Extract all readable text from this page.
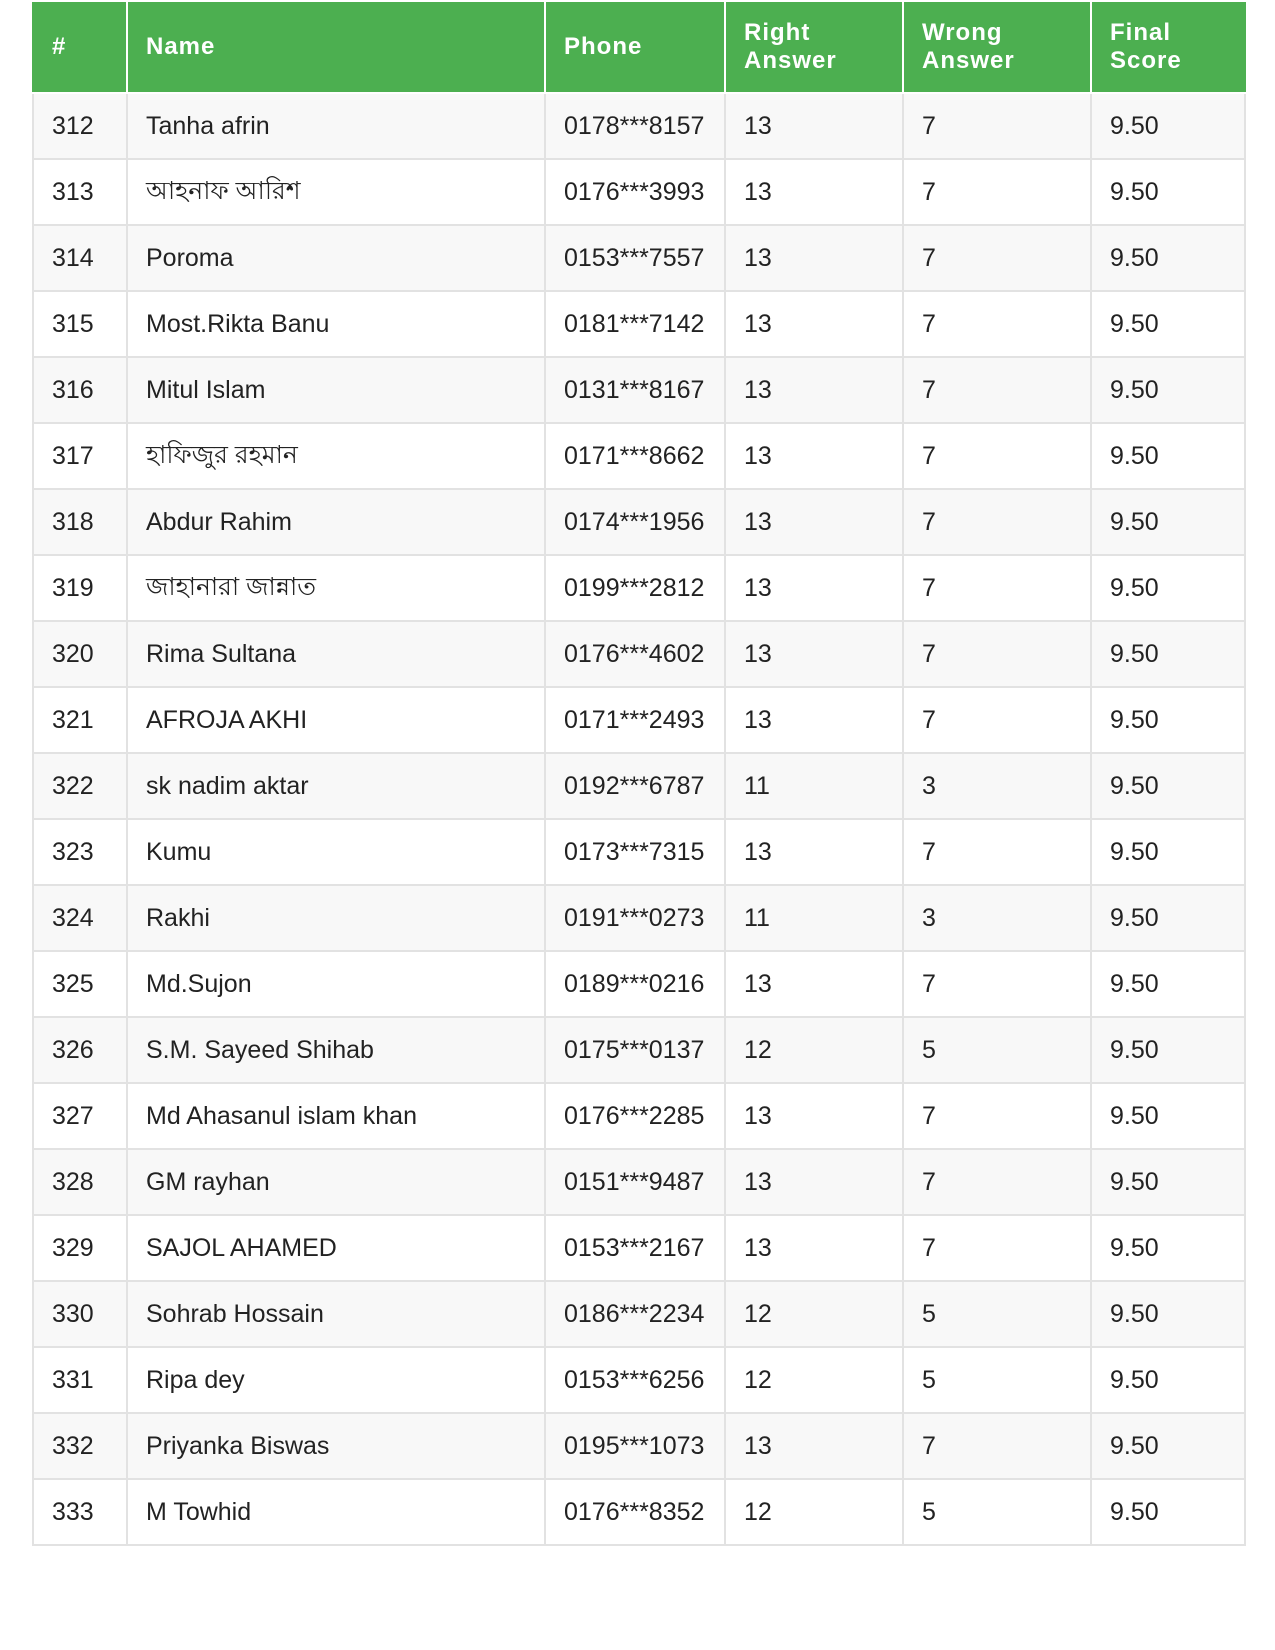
#	Name	Phone	Right Answer	Wrong Answer	Final Score
312	Tanha afrin	0178***8157	13	7	9.50
313	আহনাফ আরিশ	0176***3993	13	7	9.50
314	Poroma	0153***7557	13	7	9.50
315	Most.Rikta Banu	0181***7142	13	7	9.50
316	Mitul Islam	0131***8167	13	7	9.50
317	হাফিজুর রহমান	0171***8662	13	7	9.50
318	Abdur Rahim	0174***1956	13	7	9.50
319	জাহানারা জান্নাত	0199***2812	13	7	9.50
320	Rima Sultana	0176***4602	13	7	9.50
321	AFROJA AKHI	0171***2493	13	7	9.50
322	sk nadim aktar	0192***6787	11	3	9.50
323	Kumu	0173***7315	13	7	9.50
324	Rakhi	0191***0273	11	3	9.50
325	Md.Sujon	0189***0216	13	7	9.50
326	S.M. Sayeed Shihab	0175***0137	12	5	9.50
327	Md Ahasanul islam khan	0176***2285	13	7	9.50
328	GM rayhan	0151***9487	13	7	9.50
329	SAJOL AHAMED	0153***2167	13	7	9.50
330	Sohrab Hossain	0186***2234	12	5	9.50
331	Ripa dey	0153***6256	12	5	9.50
332	Priyanka Biswas	0195***1073	13	7	9.50
333	M Towhid	0176***8352	12	5	9.50
